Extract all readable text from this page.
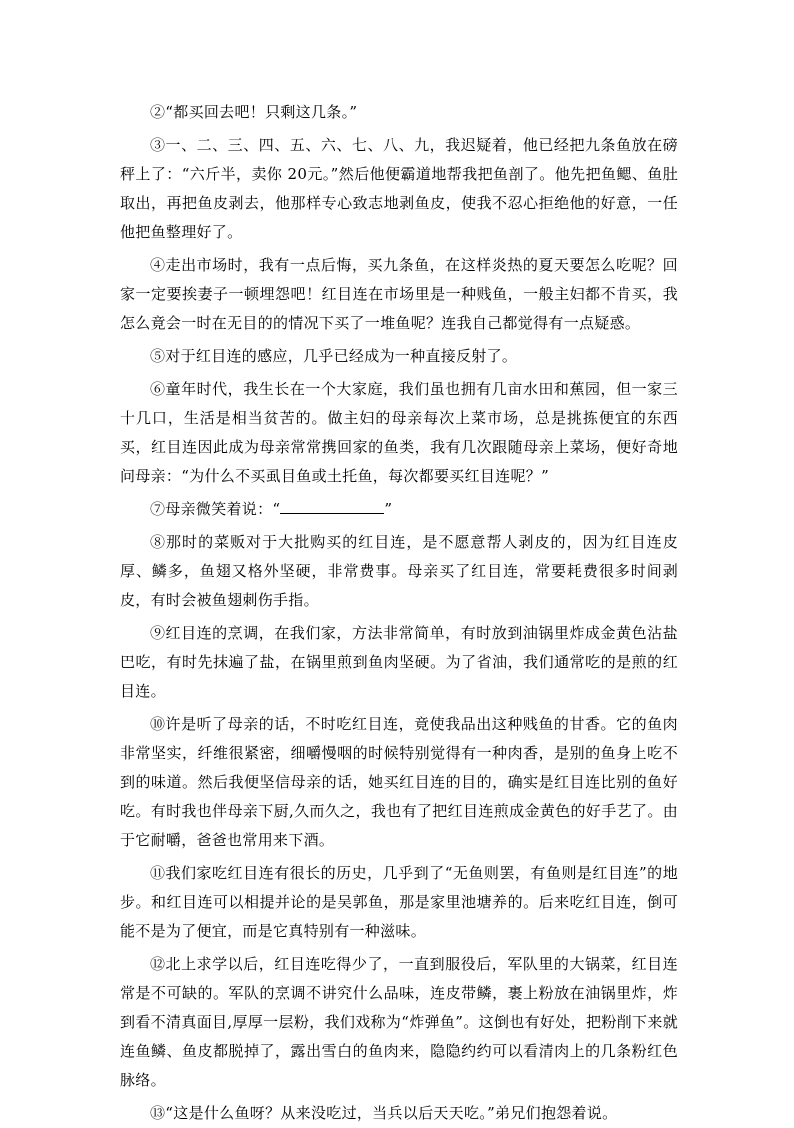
②“都买回去吧！只剩这几条。”

③一、二、三、四、五、六、七、八、九，我迟疑着，他已经把九条鱼放在磅秤上了：“六斤半，卖你 20元。”然后他便霸道地帮我把鱼剖了。他先把鱼鳃、鱼肚取出，再把鱼皮剥去，他那样专心致志地剥鱼皮，使我不忍心拒绝他的好意，一任他把鱼整理好了。

④走出市场时，我有一点后悔，买九条鱼，在这样炎热的夏天要怎么吃呢？回家一定要挨妻子一顿埋怨吧！红目连在市场里是一种贱鱼，一般主妇都不肯买，我怎么竟会一时在无目的的情况下买了一堆鱼呢？连我自己都觉得有一点疑惑。

⑤对于红目连的感应，几乎已经成为一种直接反射了。

⑥童年时代，我生长在一个大家庭，我们虽也拥有几亩水田和蕉园，但一家三十几口，生活是相当贫苦的。做主妇的母亲每次上菜市场，总是挑拣便宜的东西买，红目连因此成为母亲常常携回家的鱼类，我有几次跟随母亲上菜场，便好奇地问母亲：“为什么不买虱目鱼或土托鱼，每次都要买红目连呢？”

⑦母亲微笑着说：“	”

⑧那时的菜贩对于大批购买的红目连，是不愿意帮人剥皮的，因为红目连皮厚、鳞多，鱼翅又格外坚硬，非常费事。母亲买了红目连，常要耗费很多时间剥皮，有时会被鱼翅刺伤手指。

⑨红目连的烹调，在我们家，方法非常简单，有时放到油锅里炸成金黄色沾盐巴吃，有时先抹遍了盐，在锅里煎到鱼肉坚硬。为了省油，我们通常吃的是煎的红目连。

⑩许是听了母亲的话，不时吃红目连，竟使我品出这种贱鱼的甘香。它的鱼肉非常坚实，纤维很紧密，细嚼慢咽的时候特别觉得有一种肉香，是别的鱼身上吃不到的味道。然后我便坚信母亲的话，她买红目连的目的，确实是红目连比别的鱼好吃。有时我也伴母亲下厨,久而久之，我也有了把红目连煎成金黄色的好手艺了。由于它耐嚼，爸爸也常用来下酒。

⑪我们家吃红目连有很长的历史，几乎到了“无鱼则罢，有鱼则是红目连”的地步。和红目连可以相提并论的是吴郭鱼，那是家里池塘养的。后来吃红目连，倒可能不是为了便宜，而是它真特别有一种滋味。

⑫北上求学以后，红目连吃得少了，一直到服役后，军队里的大锅菜，红目连常是不可缺的。军队的烹调不讲究什么品味，连皮带鳞，裹上粉放在油锅里炸，炸到看不清真面目,厚厚一层粉，我们戏称为“炸弹鱼”。这倒也有好处，把粉削下来就连鱼鳞、鱼皮都脱掉了，露出雪白的鱼肉来，隐隐约约可以看清肉上的几条粉红色脉络。

⑬“这是什么鱼呀？从来没吃过，当兵以后天天吃。”弟兄们抱怨着说。
